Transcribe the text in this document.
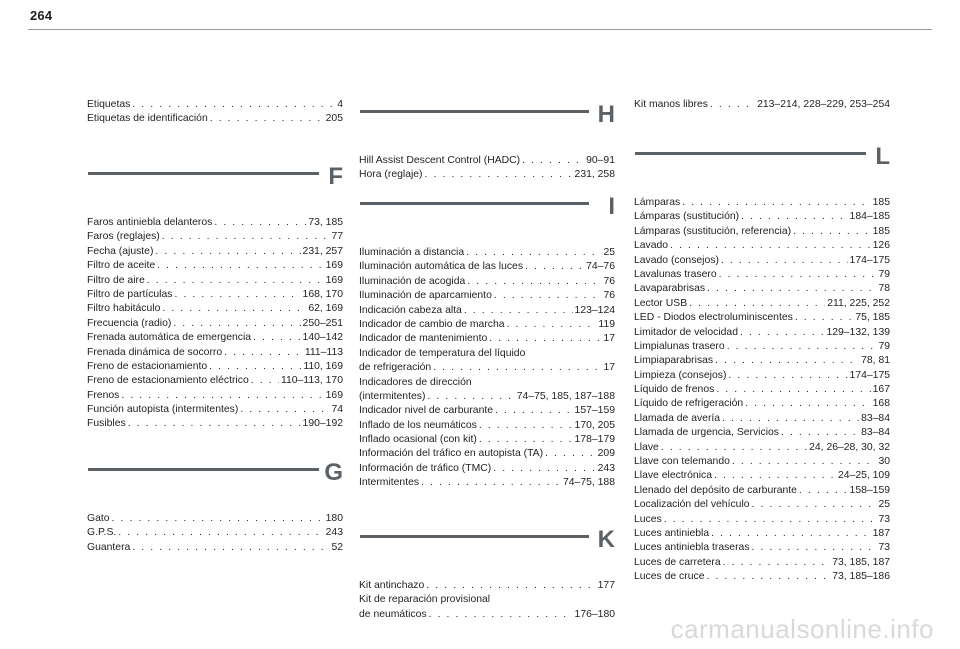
264
Etiquetas . . .	4
Etiquetas de identificación . . .	205
F
Faros antiniebla delanteros . . .	73, 185
Faros (reglajes) . . .	77
Fecha (ajuste) . . .	231, 257
Filtro de aceite . . .	169
Filtro de aire . . .	169
Filtro de partículas . . .	168, 170
Filtro habitáculo . . .	62, 169
Frecuencia (radio) . . .	250–251
Frenada automática de emergencia . . .	140–142
Frenada dinámica de socorro . . .	111–113
Freno de estacionamiento . . .	110, 169
Freno de estacionamiento eléctrico . . .	110–113, 170
Frenos . . .	169
Función autopista (intermitentes) . . .	74
Fusibles . . .	190–192
G
Gato . . .	180
G.P.S. . . .	243
Guantera . . .	52
H
Hill Assist Descent Control (HADC) . . .	90–91
Hora (reglaje) . . .	231, 258
I
Iluminación a distancia . . .	25
Iluminación automática de las luces . . .	74–76
Iluminación de acogida . . .	76
Iluminación de aparcamiento . . .	76
Indicación cabeza alta . . .	123–124
Indicador de cambio de marcha . . .	119
Indicador de mantenimiento . . .	17
Indicador de temperatura del líquido
de refrigeración . . .	17
Indicadores de dirección
(intermitentes) . . .	74–75, 185, 187–188
Indicador nivel de carburante . . .	157–159
Inflado de los neumáticos . . .	170, 205
Inflado ocasional (con kit) . . .	178–179
Información del tráfico en autopista (TA) . . .	209
Información de tráfico (TMC) . . .	243
Intermitentes . . .	74–75, 188
K
Kit antinchazo . . .	177
Kit de reparación provisional
de neumáticos . . .	176–180
Kit manos libres . . .	213–214, 228–229, 253–254
L
Lámparas . . .	185
Lámparas (sustitución) . . .	184–185
Lámparas (sustitución, referencia) . . .	185
Lavado . . .	126
Lavado (consejos) . . .	174–175
Lavalunas trasero . . .	79
Lavaparabrisas . . .	78
Lector USB . . .	211, 225, 252
LED - Diodos electroluminiscentes . . .	75, 185
Limitador de velocidad . . .	129–132, 139
Limpialunas trasero . . .	79
Limpiaparabrisas . . .	78, 81
Limpieza (consejos) . . .	174–175
Líquido de frenos . . .	167
Líquido de refrigeración . . .	168
Llamada de avería . . .	83–84
Llamada de urgencia, Servicios . . .	83–84
Llave . . .	24, 26–28, 30, 32
Llave con telemando . . .	30
Llave electrónica . . .	24–25, 109
Llenado del depósito de carburante . . .	158–159
Localización del vehículo . . .	25
Luces . . .	73
Luces antiniebla . . .	187
Luces antiniebla traseras . . .	73
Luces de carretera . . .	73, 185, 187
Luces de cruce . . .	73, 185–186
carmanualsonline.info
